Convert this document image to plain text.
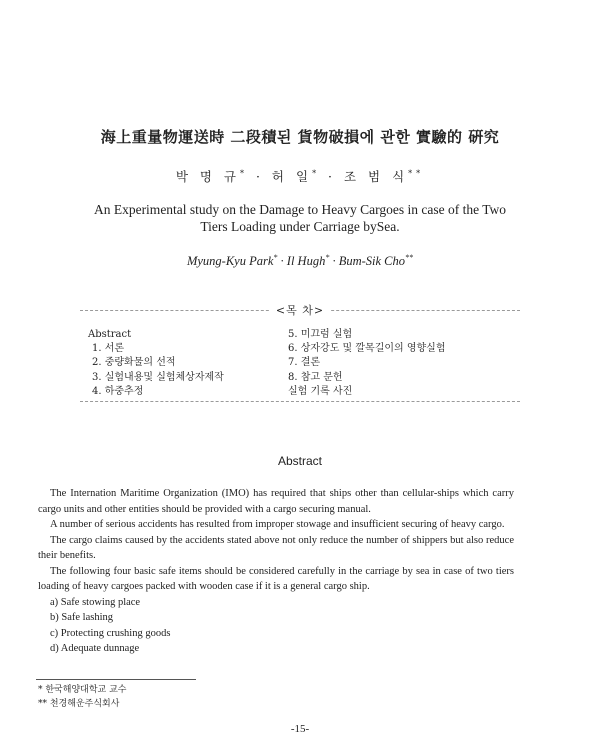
海上重量物運送時 二段積된 貨物破損에 관한 實驗的 硏究
박 명 규* · 허 일* · 조 범 식**
An Experimental study on the Damage to Heavy Cargoes in case of the Two Tiers Loading under Carriage bySea.
Myung-Kyu Park* · Il Hugh* · Bum-Sik Cho**
<목 차>
Abstract
1. 서론
2. 중량화물의 선적
3. 실험내용및 실험체상자제작
4. 하중추정
5. 미끄럼 실험
6. 상자강도 및 깔목길이의 영향실험
7. 결론
8. 참고 문헌
실험 기록 사진
Abstract

The Internation Maritime Organization (IMO) has required that ships other than cellular-ships which carry cargo units and other entities should be provided with a cargo securing manual.

A number of serious accidents has resulted from improper stowage and insufficient securing of heavy cargo.

The cargo claims caused by the accidents stated above not only reduce the number of shippers but also reduce their benefits.

The following four basic safe items should be considered carefully in the carriage by sea in case of two tiers loading of heavy cargoes packed with wooden case if it is a general cargo ship.

a) Safe stowing place

b) Safe lashing

c) Protecting crushing goods

d) Adequate dunnage

* 한국해양대학교 교수
** 천경해운주식회사
-15-
